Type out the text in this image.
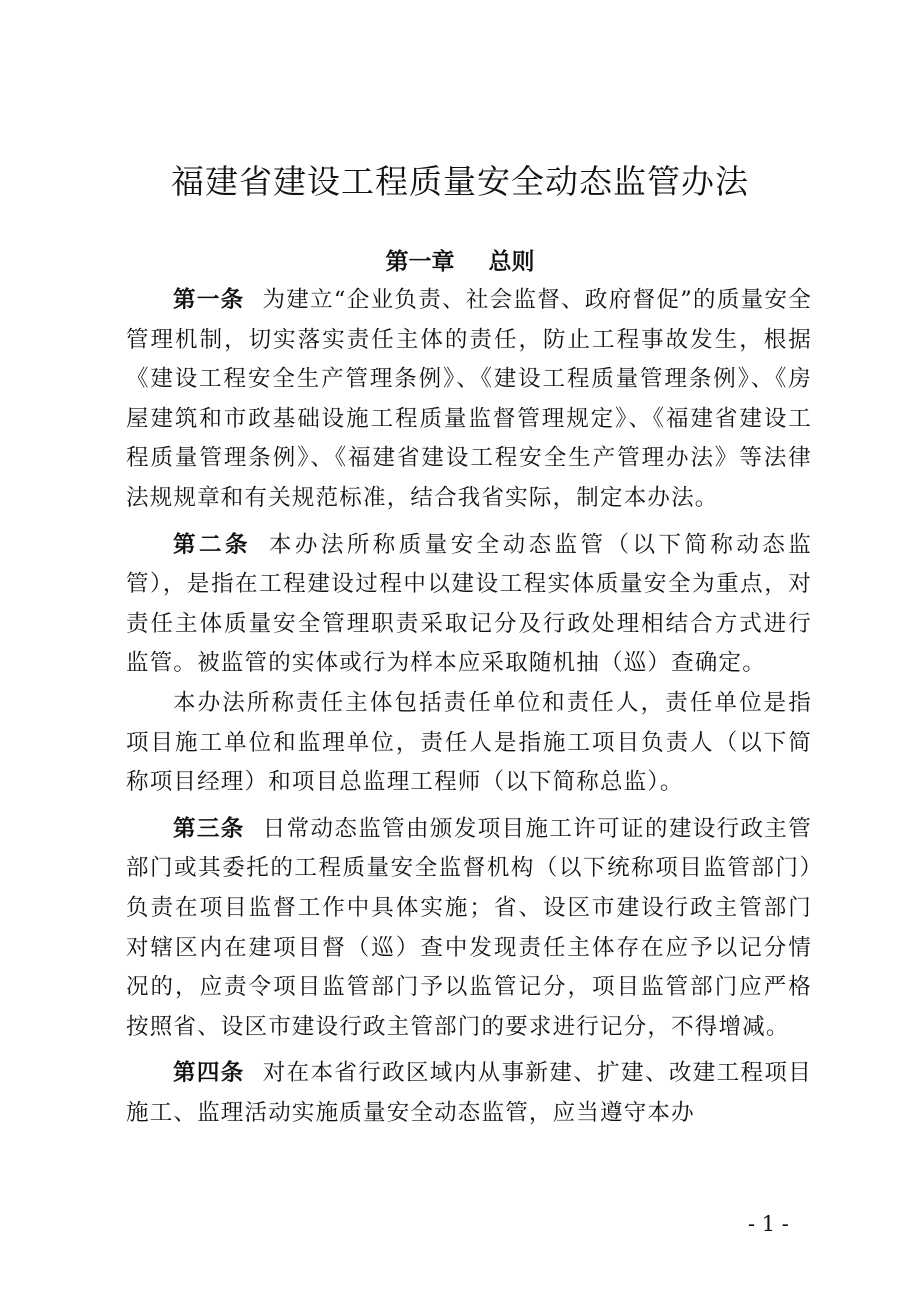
福建省建设工程质量安全动态监管办法
第一章 总则

第一条 为建立“企业负责、社会监督、政府督促”的质量安全管理机制，切实落实责任主体的责任，防止工程事故发生，根据《建设工程安全生产管理条例》、《建设工程质量管理条例》、《房屋建筑和市政基础设施工程质量监督管理规定》、《福建省建设工程质量管理条例》、《福建省建设工程安全生产管理办法》等法律法规规章和有关规范标准，结合我省实际，制定本办法。

第二条 本办法所称质量安全动态监管（以下简称动态监管），是指在工程建设过程中以建设工程实体质量安全为重点，对责任主体质量安全管理职责采取记分及行政处理相结合方式进行监管。被监管的实体或行为样本应采取随机抽（巡）查确定。

本办法所称责任主体包括责任单位和责任人，责任单位是指项目施工单位和监理单位，责任人是指施工项目负责人（以下简称项目经理）和项目总监理工程师（以下简称总监）。

第三条 日常动态监管由颁发项目施工许可证的建设行政主管部门或其委托的工程质量安全监督机构（以下统称项目监管部门）负责在项目监督工作中具体实施；省、设区市建设行政主管部门对辖区内在建项目督（巡）查中发现责任主体存在应予以记分情况的，应责令项目监管部门予以监管记分，项目监管部门应严格按照省、设区市建设行政主管部门的要求进行记分，不得增减。

第四条 对在本省行政区域内从事新建、扩建、改建工程项目施工、监理活动实施质量安全动态监管，应当遵守本办

- 1 -
